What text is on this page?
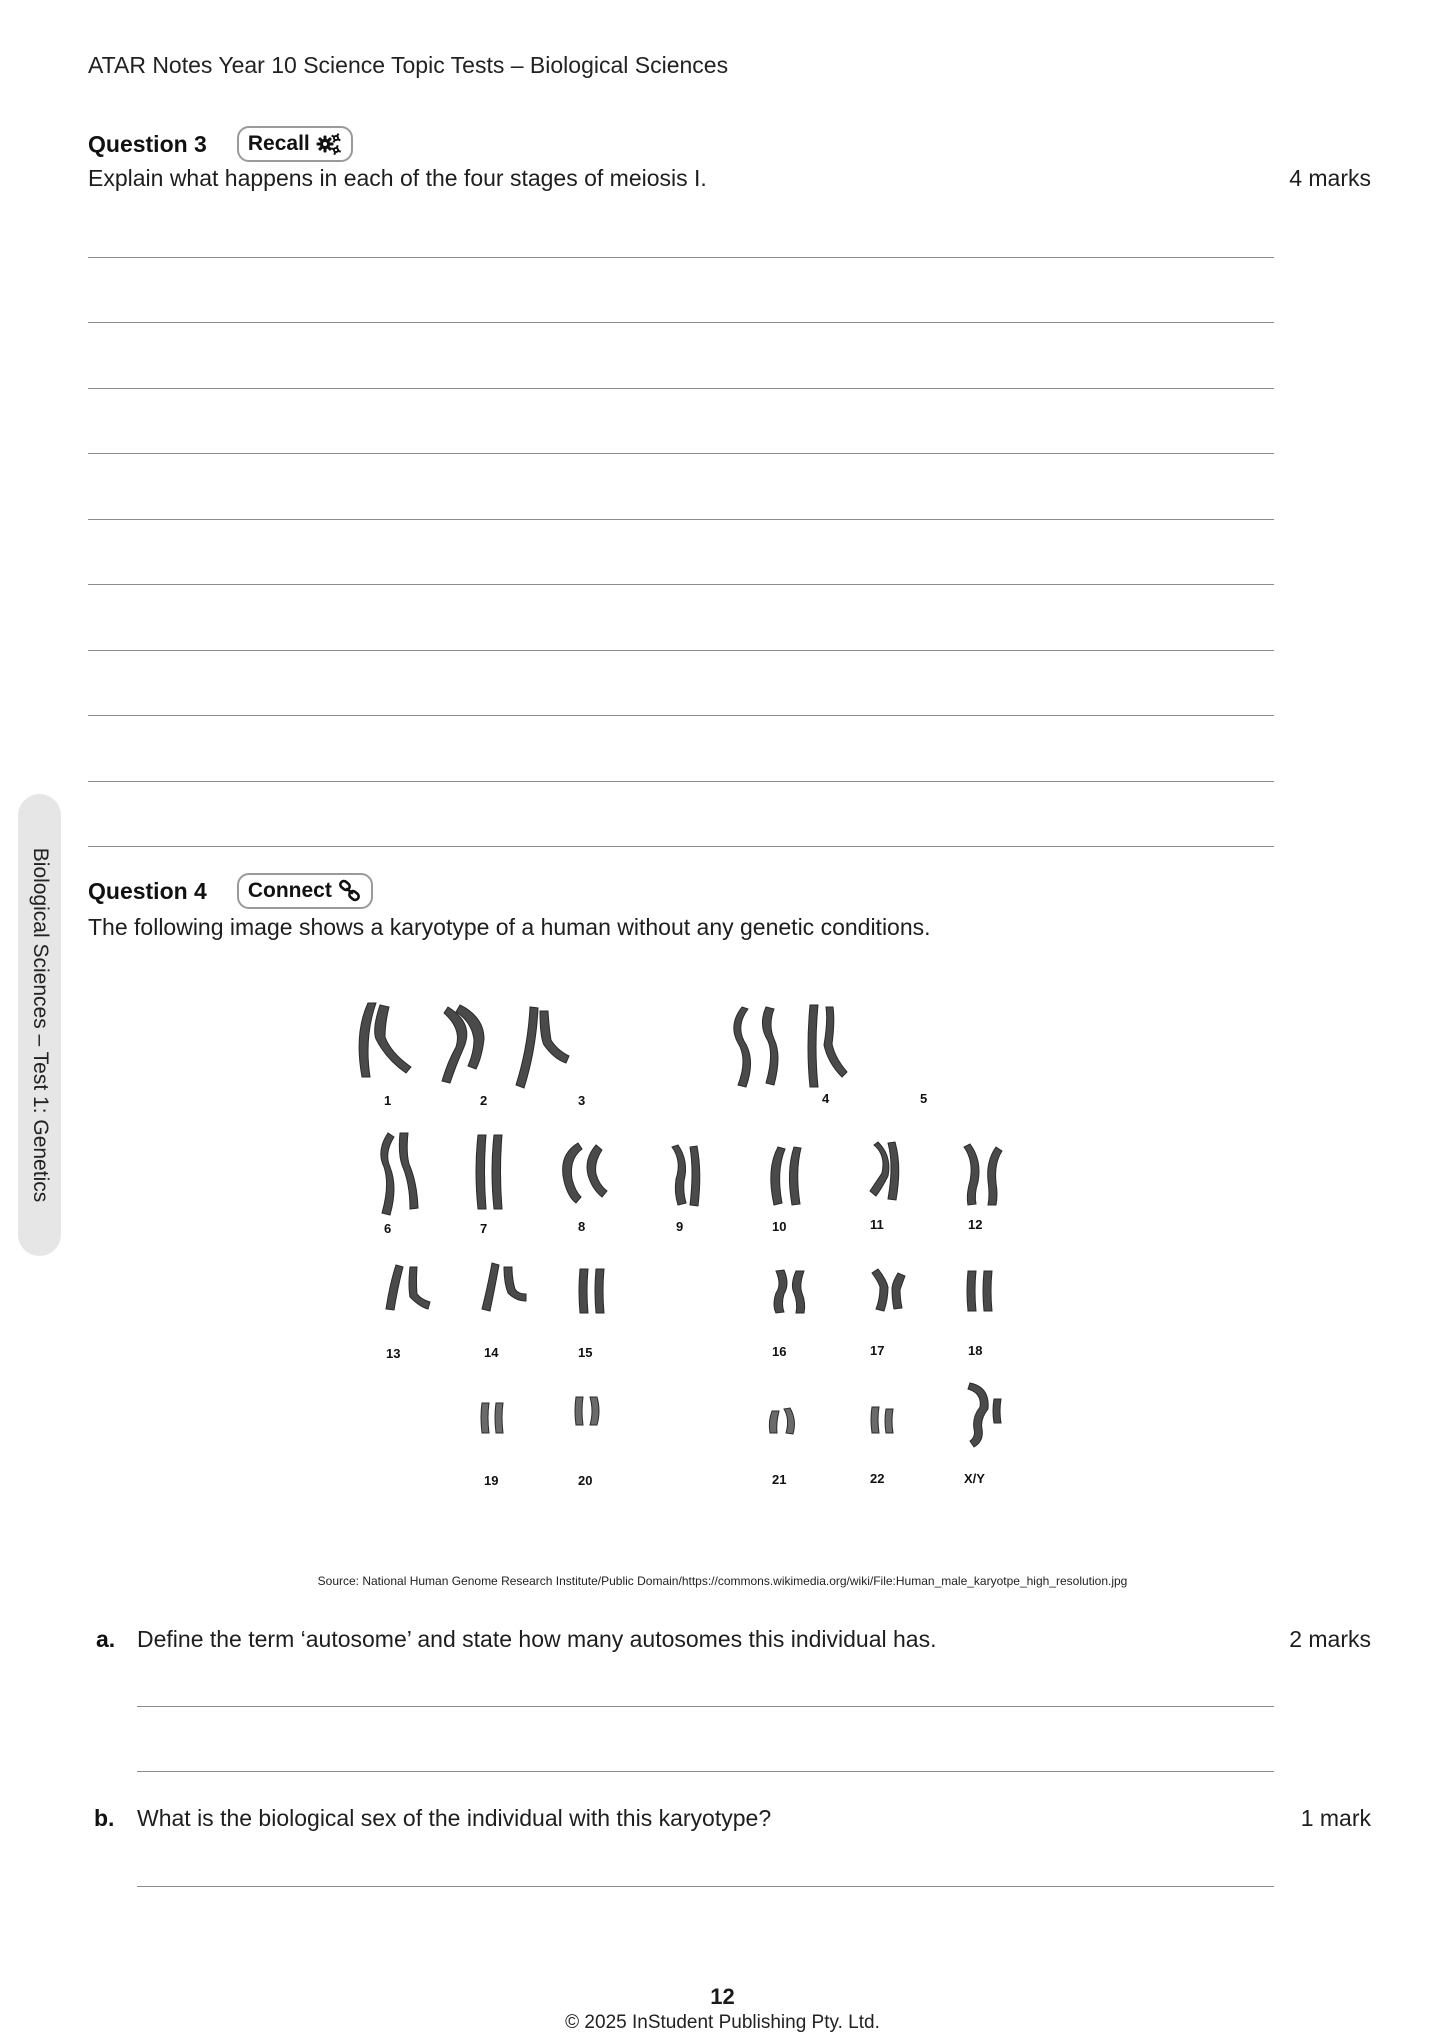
ATAR Notes Year 10 Science Topic Tests – Biological Sciences
Biological Sciences – Test 1: Genetics
Question 3 Recall
Explain what happens in each of the four stages of meiosis I.	4 marks
Question 4 Connect
The following image shows a karyotype of a human without any genetic conditions.
1	2	3	4	5
6	7	8	9	10	11	12
13	14	15	16	17	18
19	20	21	22	X/Y
Source: National Human Genome Research Institute/Public Domain/https://commons.wikimedia.org/wiki/File:Human_male_karyotpe_high_resolution.jpg
a. Define the term ‘autosome’ and state how many autosomes this individual has.	2 marks
b. What is the biological sex of the individual with this karyotype?	1 mark
12
© 2025 InStudent Publishing Pty. Ltd.
